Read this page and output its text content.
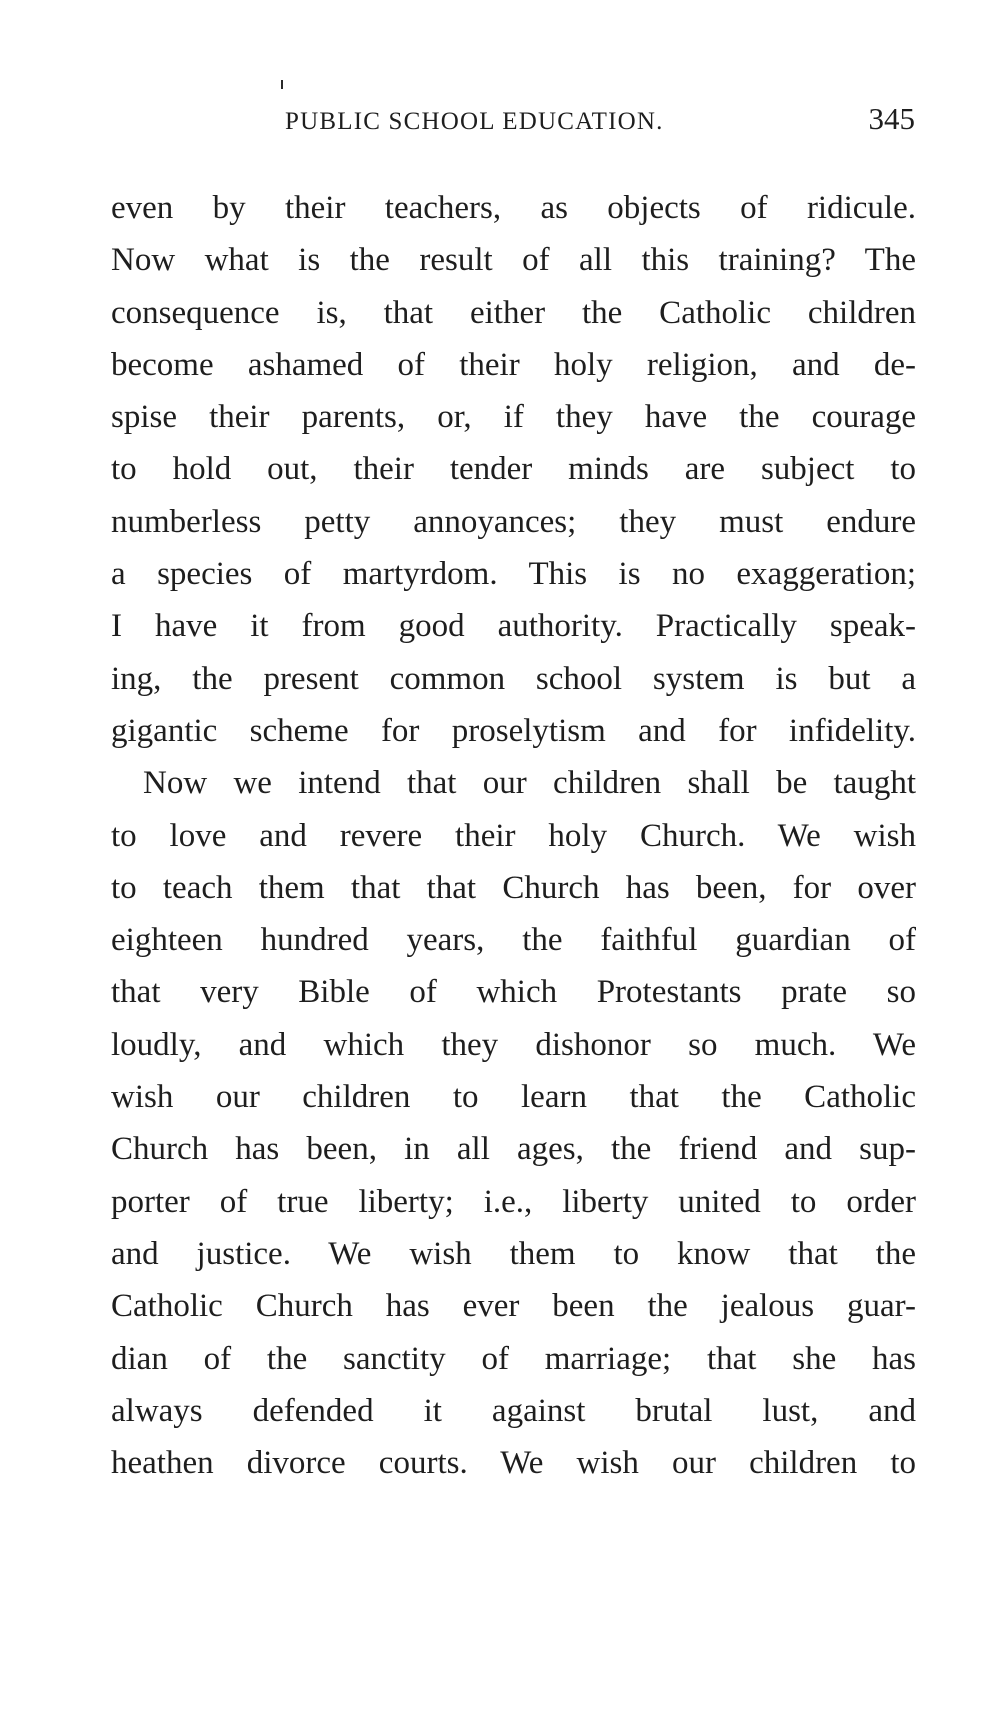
PUBLIC SCHOOL EDUCATION.	345
even by their teachers, as objects of ridicule.
Now what is the result of all this training? The
consequence is, that either the Catholic children
become ashamed of their holy religion, and de-
spise their parents, or, if they have the courage
to hold out, their tender minds are subject to
numberless petty annoyances; they must endure
a species of martyrdom. This is no exaggeration;
I have it from good authority. Practically speak-
ing, the present common school system is but a
gigantic scheme for proselytism and for infidelity.
Now we intend that our children shall be taught
to love and revere their holy Church. We wish
to teach them that that Church has been, for over
eighteen hundred years, the faithful guardian of
that very Bible of which Protestants prate so
loudly, and which they dishonor so much. We
wish our children to learn that the Catholic
Church has been, in all ages, the friend and sup-
porter of true liberty; i.e., liberty united to order
and justice. We wish them to know that the
Catholic Church has ever been the jealous guar-
dian of the sanctity of marriage; that she has
always defended it against brutal lust, and
heathen divorce courts. We wish our children to
